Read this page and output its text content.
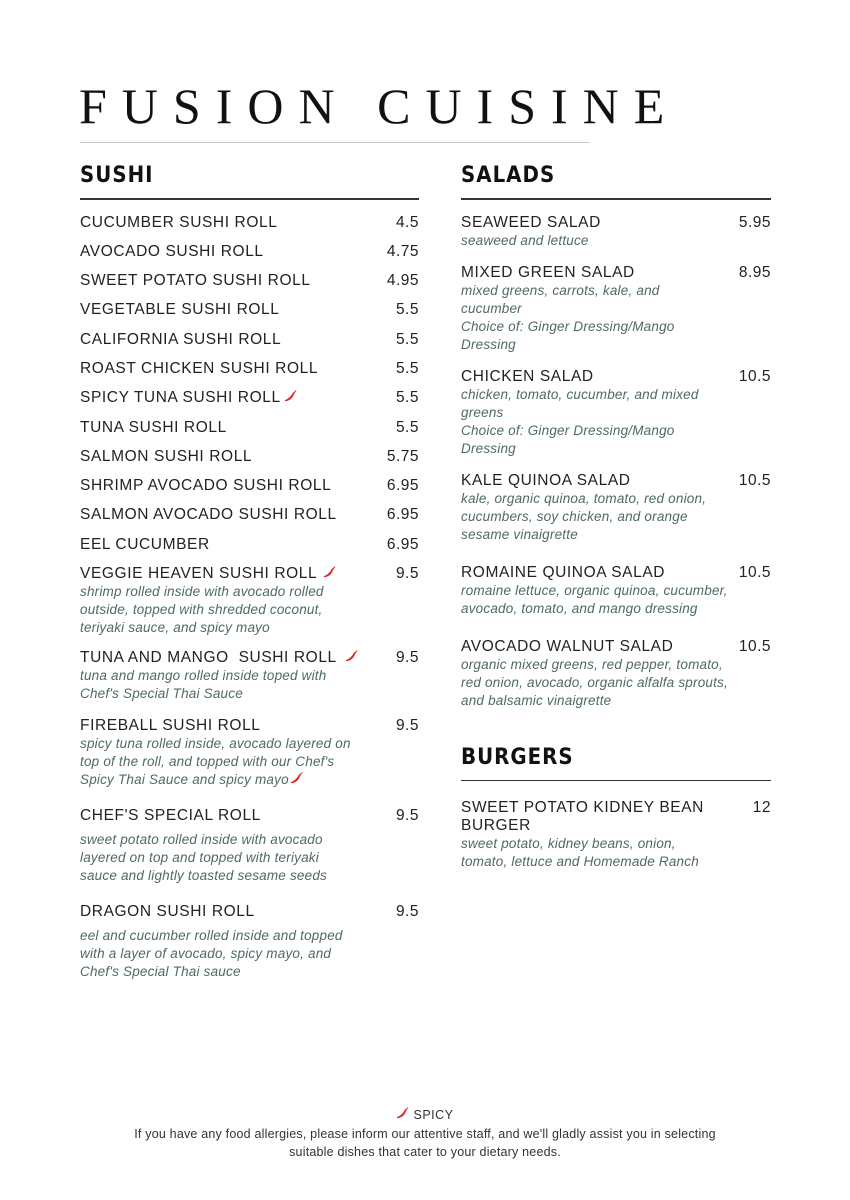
FUSION CUISINE
SUSHI
CUCUMBER SUSHI ROLL	4.5
AVOCADO SUSHI ROLL	4.75
SWEET POTATO SUSHI ROLL	4.95
VEGETABLE SUSHI ROLL	5.5
CALIFORNIA SUSHI ROLL	5.5
ROAST CHICKEN SUSHI ROLL	5.5
SPICY TUNA SUSHI ROLL	5.5
TUNA SUSHI ROLL	5.5
SALMON SUSHI ROLL	5.75
SHRIMP AVOCADO SUSHI ROLL	6.95
SALMON AVOCADO SUSHI ROLL	6.95
EEL CUCUMBER	6.95
VEGGIE HEAVEN SUSHI ROLL	9.5
shrimp rolled inside with avocado rolled outside, topped with shredded coconut, teriyaki sauce, and spicy mayo
TUNA AND MANGO  SUSHI ROLL	9.5
tuna and mango rolled inside toped with Chef's Special Thai Sauce
FIREBALL SUSHI ROLL	9.5
spicy tuna rolled inside, avocado layered on top of the roll, and topped with our Chef's Spicy Thai Sauce and spicy mayo
CHEF'S SPECIAL ROLL	9.5
sweet potato rolled inside with avocado layered on top and topped with teriyaki sauce and lightly toasted sesame seeds
DRAGON SUSHI ROLL	9.5
eel and cucumber rolled inside and topped with a layer of avocado, spicy mayo, and Chef's Special Thai sauce
SALADS
SEAWEED SALAD	5.95
seaweed and lettuce
MIXED GREEN SALAD	8.95
mixed greens, carrots, kale, and cucumber
Choice of: Ginger Dressing/Mango Dressing
CHICKEN SALAD	10.5
chicken, tomato, cucumber, and mixed greens
Choice of: Ginger Dressing/Mango Dressing
KALE QUINOA SALAD	10.5
kale, organic quinoa, tomato, red onion, cucumbers, soy chicken, and orange sesame vinaigrette
ROMAINE QUINOA SALAD	10.5
romaine lettuce, organic quinoa, cucumber, avocado, tomato, and mango dressing
AVOCADO WALNUT SALAD	10.5
organic mixed greens, red pepper, tomato, red onion, avocado, organic alfalfa sprouts, and balsamic vinaigrette
BURGERS
SWEET POTATO KIDNEY BEAN BURGER
12
sweet potato, kidney beans, onion, tomato, lettuce and Homemade Ranch
SPICY
If you have any food allergies, please inform our attentive staff, and we'll gladly assist you in selecting suitable dishes that cater to your dietary needs.
